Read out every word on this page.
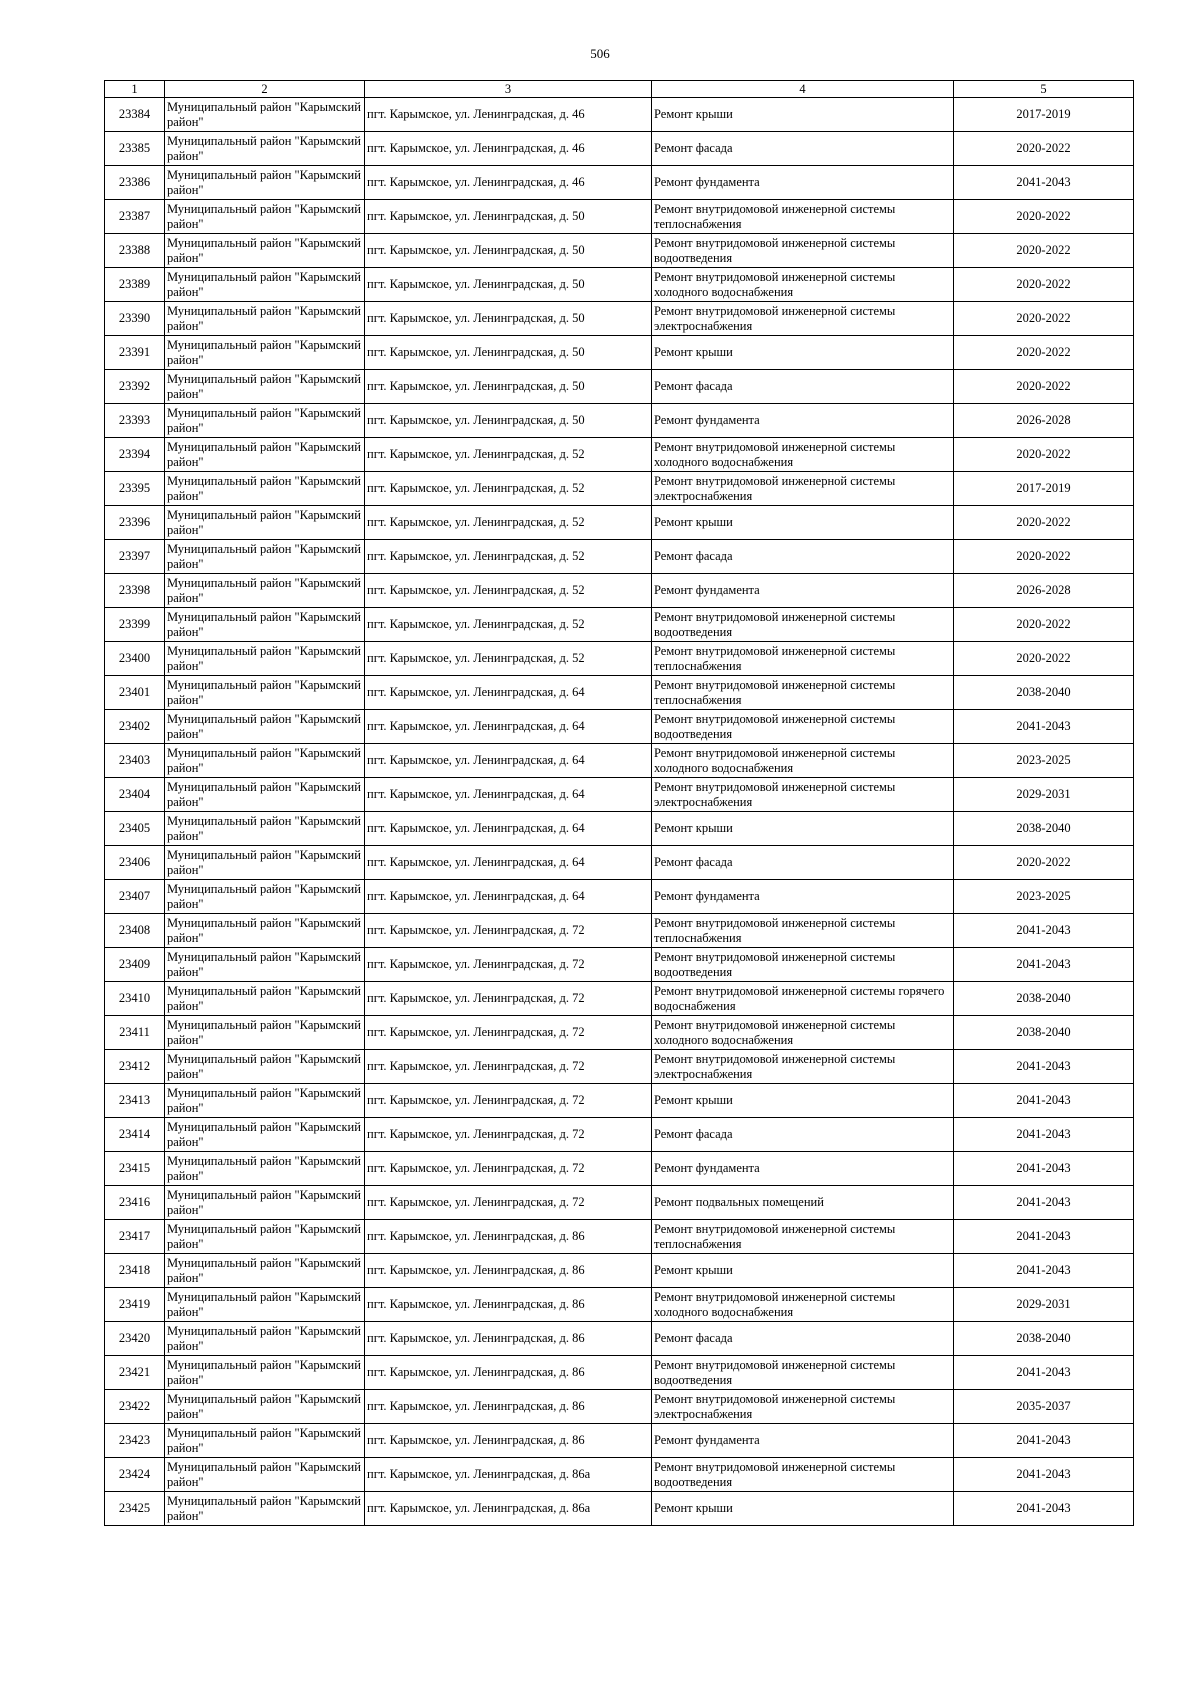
506
1	2	3	4	5
23384	Муниципальный район "Карымский район"	пгт. Карымское, ул. Ленинградская, д. 46	Ремонт крыши	2017-2019
23385	Муниципальный район "Карымский район"	пгт. Карымское, ул. Ленинградская, д. 46	Ремонт фасада	2020-2022
23386	Муниципальный район "Карымский район"	пгт. Карымское, ул. Ленинградская, д. 46	Ремонт фундамента	2041-2043
23387	Муниципальный район "Карымский район"	пгт. Карымское, ул. Ленинградская, д. 50	Ремонт внутридомовой инженерной системы теплоснабжения	2020-2022
23388	Муниципальный район "Карымский район"	пгт. Карымское, ул. Ленинградская, д. 50	Ремонт внутридомовой инженерной системы водоотведения	2020-2022
23389	Муниципальный район "Карымский район"	пгт. Карымское, ул. Ленинградская, д. 50	Ремонт внутридомовой инженерной системы холодного водоснабжения	2020-2022
23390	Муниципальный район "Карымский район"	пгт. Карымское, ул. Ленинградская, д. 50	Ремонт внутридомовой инженерной системы электроснабжения	2020-2022
23391	Муниципальный район "Карымский район"	пгт. Карымское, ул. Ленинградская, д. 50	Ремонт крыши	2020-2022
23392	Муниципальный район "Карымский район"	пгт. Карымское, ул. Ленинградская, д. 50	Ремонт фасада	2020-2022
23393	Муниципальный район "Карымский район"	пгт. Карымское, ул. Ленинградская, д. 50	Ремонт фундамента	2026-2028
23394	Муниципальный район "Карымский район"	пгт. Карымское, ул. Ленинградская, д. 52	Ремонт внутридомовой инженерной системы холодного водоснабжения	2020-2022
23395	Муниципальный район "Карымский район"	пгт. Карымское, ул. Ленинградская, д. 52	Ремонт внутридомовой инженерной системы электроснабжения	2017-2019
23396	Муниципальный район "Карымский район"	пгт. Карымское, ул. Ленинградская, д. 52	Ремонт крыши	2020-2022
23397	Муниципальный район "Карымский район"	пгт. Карымское, ул. Ленинградская, д. 52	Ремонт фасада	2020-2022
23398	Муниципальный район "Карымский район"	пгт. Карымское, ул. Ленинградская, д. 52	Ремонт фундамента	2026-2028
23399	Муниципальный район "Карымский район"	пгт. Карымское, ул. Ленинградская, д. 52	Ремонт внутридомовой инженерной системы водоотведения	2020-2022
23400	Муниципальный район "Карымский район"	пгт. Карымское, ул. Ленинградская, д. 52	Ремонт внутридомовой инженерной системы теплоснабжения	2020-2022
23401	Муниципальный район "Карымский район"	пгт. Карымское, ул. Ленинградская, д. 64	Ремонт внутридомовой инженерной системы теплоснабжения	2038-2040
23402	Муниципальный район "Карымский район"	пгт. Карымское, ул. Ленинградская, д. 64	Ремонт внутридомовой инженерной системы водоотведения	2041-2043
23403	Муниципальный район "Карымский район"	пгт. Карымское, ул. Ленинградская, д. 64	Ремонт внутридомовой инженерной системы холодного водоснабжения	2023-2025
23404	Муниципальный район "Карымский район"	пгт. Карымское, ул. Ленинградская, д. 64	Ремонт внутридомовой инженерной системы электроснабжения	2029-2031
23405	Муниципальный район "Карымский район"	пгт. Карымское, ул. Ленинградская, д. 64	Ремонт крыши	2038-2040
23406	Муниципальный район "Карымский район"	пгт. Карымское, ул. Ленинградская, д. 64	Ремонт фасада	2020-2022
23407	Муниципальный район "Карымский район"	пгт. Карымское, ул. Ленинградская, д. 64	Ремонт фундамента	2023-2025
23408	Муниципальный район "Карымский район"	пгт. Карымское, ул. Ленинградская, д. 72	Ремонт внутридомовой инженерной системы теплоснабжения	2041-2043
23409	Муниципальный район "Карымский район"	пгт. Карымское, ул. Ленинградская, д. 72	Ремонт внутридомовой инженерной системы водоотведения	2041-2043
23410	Муниципальный район "Карымский район"	пгт. Карымское, ул. Ленинградская, д. 72	Ремонт внутридомовой инженерной системы горячего водоснабжения	2038-2040
23411	Муниципальный район "Карымский район"	пгт. Карымское, ул. Ленинградская, д. 72	Ремонт внутридомовой инженерной системы холодного водоснабжения	2038-2040
23412	Муниципальный район "Карымский район"	пгт. Карымское, ул. Ленинградская, д. 72	Ремонт внутридомовой инженерной системы электроснабжения	2041-2043
23413	Муниципальный район "Карымский район"	пгт. Карымское, ул. Ленинградская, д. 72	Ремонт крыши	2041-2043
23414	Муниципальный район "Карымский район"	пгт. Карымское, ул. Ленинградская, д. 72	Ремонт фасада	2041-2043
23415	Муниципальный район "Карымский район"	пгт. Карымское, ул. Ленинградская, д. 72	Ремонт фундамента	2041-2043
23416	Муниципальный район "Карымский район"	пгт. Карымское, ул. Ленинградская, д. 72	Ремонт подвальных помещений	2041-2043
23417	Муниципальный район "Карымский район"	пгт. Карымское, ул. Ленинградская, д. 86	Ремонт внутридомовой инженерной системы теплоснабжения	2041-2043
23418	Муниципальный район "Карымский район"	пгт. Карымское, ул. Ленинградская, д. 86	Ремонт крыши	2041-2043
23419	Муниципальный район "Карымский район"	пгт. Карымское, ул. Ленинградская, д. 86	Ремонт внутридомовой инженерной системы холодного водоснабжения	2029-2031
23420	Муниципальный район "Карымский район"	пгт. Карымское, ул. Ленинградская, д. 86	Ремонт фасада	2038-2040
23421	Муниципальный район "Карымский район"	пгт. Карымское, ул. Ленинградская, д. 86	Ремонт внутридомовой инженерной системы водоотведения	2041-2043
23422	Муниципальный район "Карымский район"	пгт. Карымское, ул. Ленинградская, д. 86	Ремонт внутридомовой инженерной системы электроснабжения	2035-2037
23423	Муниципальный район "Карымский район"	пгт. Карымское, ул. Ленинградская, д. 86	Ремонт фундамента	2041-2043
23424	Муниципальный район "Карымский район"	пгт. Карымское, ул. Ленинградская, д. 86а	Ремонт внутридомовой инженерной системы водоотведения	2041-2043
23425	Муниципальный район "Карымский район"	пгт. Карымское, ул. Ленинградская, д. 86а	Ремонт крыши	2041-2043
